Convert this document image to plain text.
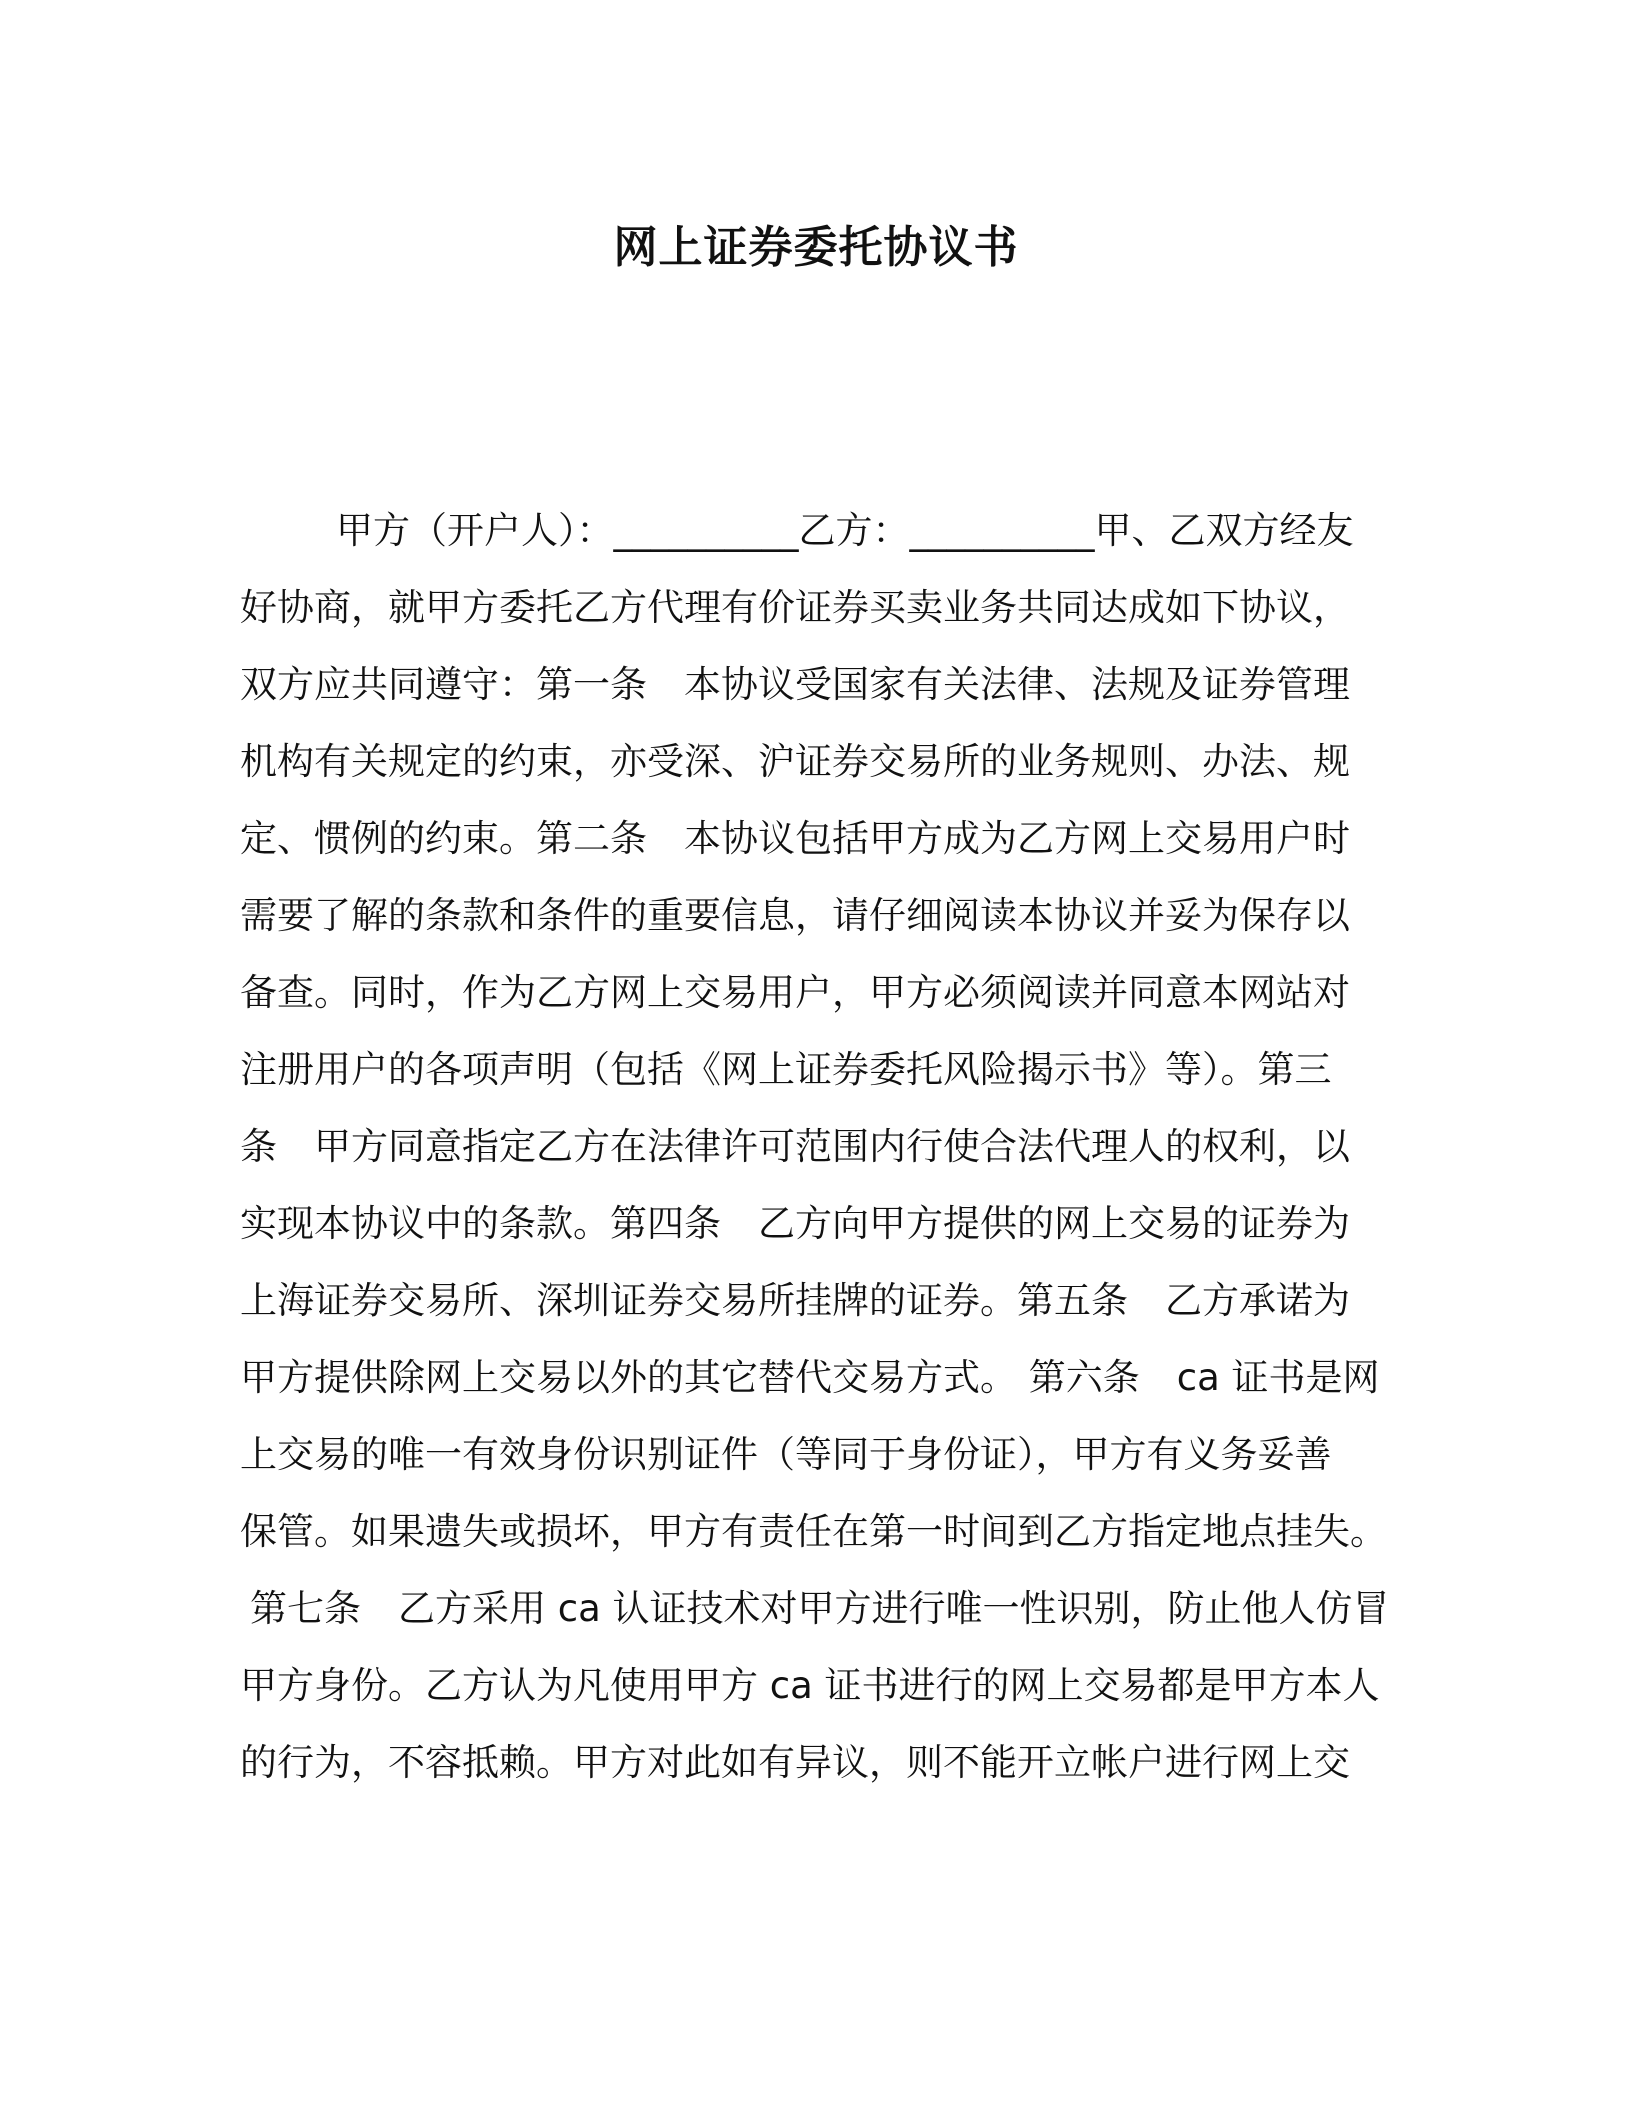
网上证券委托协议书
甲方（开户人）：__________乙方：__________甲、乙双方经友
好协商，就甲方委托乙方代理有价证券买卖业务共同达成如下协议，
双方应共同遵守：第一条　本协议受国家有关法律、法规及证券管理
机构有关规定的约束，亦受深、沪证券交易所的业务规则、办法、规
定、惯例的约束。第二条　本协议包括甲方成为乙方网上交易用户时
需要了解的条款和条件的重要信息，请仔细阅读本协议并妥为保存以
备查。同时，作为乙方网上交易用户，甲方必须阅读并同意本网站对
注册用户的各项声明（包括《网上证券委托风险揭示书》等）。第三
条　甲方同意指定乙方在法律许可范围内行使合法代理人的权利，以
实现本协议中的条款。第四条　乙方向甲方提供的网上交易的证券为
上海证券交易所、深圳证券交易所挂牌的证券。第五条　乙方承诺为
甲方提供除网上交易以外的其它替代交易方式。 第六条　ca 证书是网
上交易的唯一有效身份识别证件（等同于身份证），甲方有义务妥善
保管。如果遗失或损坏，甲方有责任在第一时间到乙方指定地点挂失。
第七条　乙方采用 ca 认证技术对甲方进行唯一性识别，防止他人仿冒
甲方身份。乙方认为凡使用甲方 ca 证书进行的网上交易都是甲方本人
的行为，不容抵赖。甲方对此如有异议，则不能开立帐户进行网上交
